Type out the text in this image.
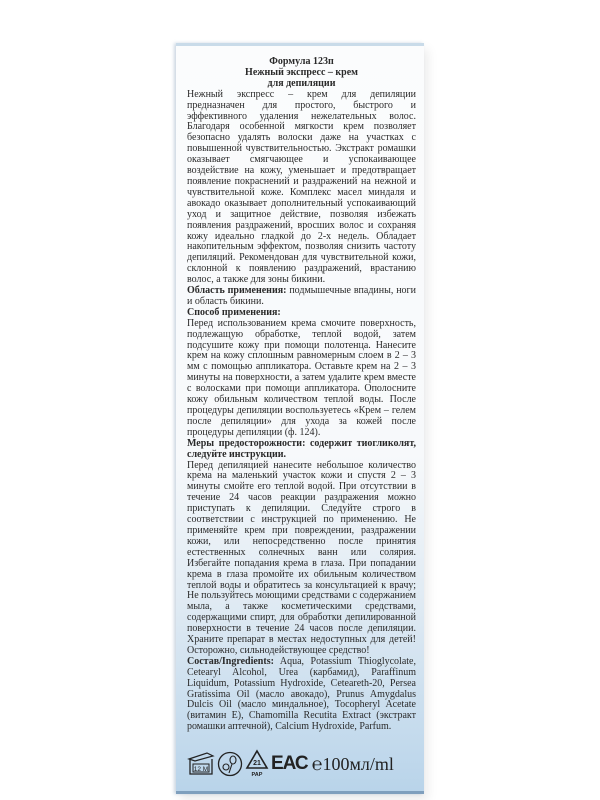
Формула 123п
Нежный экспресс – крем
для депиляции

Нежный экспресс – крем для депиляции предназначен для простого, быстрого и эффективного удаления нежелательных волос. Благодаря особенной мягкости крем позволяет безопасно удалять волоски даже на участках с повышенной чувствительностью. Экстракт ромашки оказывает смягчающее и успокаивающее воздействие на кожу, уменьшает и предотвращает появление покраснений и раздражений на нежной и чувствительной коже. Комплекс масел миндаля и авокадо оказывает дополнительный успокаивающий уход и защитное действие, позволяя избежать появления раздражений, вросших волос и сохраняя кожу идеально гладкой до 2-х недель. Обладает накопительным эффектом, позволяя снизить частоту депиляций. Рекомендован для чувствительной кожи, склонной к появлению раздражений, врастанию волос, а также для зоны бикини.

Область применения: подмышечные впадины, ноги и область бикини.

Способ применения:

Перед использованием крема смочите поверхность, подлежащую обработке, теплой водой, затем подсушите кожу при помощи полотенца. Нанесите крем на кожу сплошным равномерным слоем в 2 – 3 мм с помощью аппликатора. Оставьте крем на 2 – 3 минуты на поверхности, а затем удалите крем вместе с волосками при помощи аппликатора. Ополосните кожу обильным количеством теплой воды. После процедуры депиляции воспользуетесь «Крем – гелем после депиляции» для ухода за кожей после процедуры депиляции (ф. 124).

Меры предосторожности: содержит тиогликолят, следуйте инструкции.

Перед депиляцией нанесите небольшое количество крема на маленький участок кожи и спустя 2 – 3 минуты смойте его теплой водой. При отсутствии в течение 24 часов реакции раздражения можно приступать к депиляции. Следуйте строго в соответствии с инструкцией по применению. Не применяйте крем при повреждении, раздражении кожи, или непосредственно после принятия естественных солнечных ванн или солярия. Избегайте попадания крема в глаза. При попадании крема в глаза промойте их обильным количеством теплой воды и обратитесь за консультацией к врачу; Не пользуйтесь моющими средствами с содержанием мыла, а также косметическими средствами, содержащими спирт, для обработки депилированной поверхности в течение 24 часов после депиляции. Храните препарат в местах недоступных для детей! Осторожно, сильнодействующее средство!

Состав/Ingredients: Aqua, Potassium Thioglycolate, Cetearyl Alcohol, Urea (карбамид), Paraffinum Liquidum, Potassium Hydroxide, Ceteareth-20, Persea Gratissima Oil (масло авокадо), Prunus Amygdalus Dulcis Oil (масло миндальное), Tocopheryl Acetate (витамин E), Chamomilla Recutita Extract (экстракт ромашки аптечной), Calcium Hydroxide, Parfum.

12 M
21
PAP
ЕАС ℮100мл/ml
